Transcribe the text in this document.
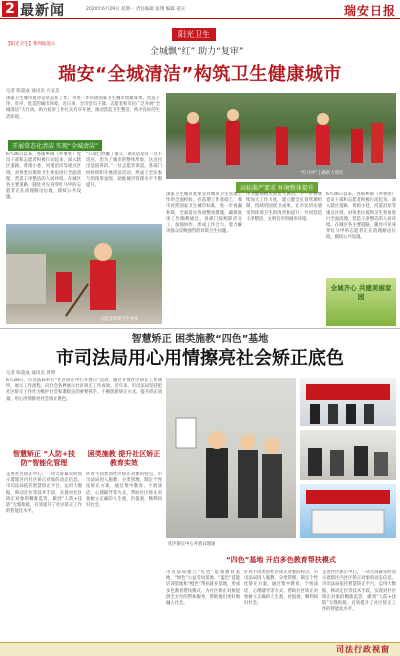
2 最新闻	2020年6月29日 星期一 责任编辑 张翔 编辑 姜实	瑞安日报
阳光卫生
【阳光卫生】系列报道①
全城飘“红” 助力“复审”
瑞安“全城清洁”构筑卫生健康城市
记者 陈超成 通讯员 方安忠
国家卫生城市复审是常态化工作，为进一步巩固国家卫生城市创建成果，营造干净、有序、优美的城市环境，近日来，全市党员干部、志愿者和市民广泛开展“全城清洁”大行动，助力复审工作扎实有序开展，推动营造卫生整洁、秩序良好的生活环境。
“红马甲”上路助力清洁
开展常态化清洁 实现“全城清洁”
6月26日以来，各街乡镇（办事处）党员干部和志愿者积极行动起来，深入辖区道路、背街小巷、河道沿岸等重点区域，对各类垃圾和卫生死角进行全面清理，营造干净整洁的人居环境。在城区各主要道路，随处可见身穿红马甲的志愿者正在清理路边垃圾，擦拭公共设施。
“口罩已经戴了很久，说实话是有一点不适应，但为了城市的整体形象，这点付出是值得的。”一位志愿者说道。各部门纷纷组织开展清洁活动，形成了全民参与的浓厚氛围，助推城市管理水平不断提升。	高标准严要求 环境整体提升
国家卫生城市复审是对城市卫生管理工作的全面检验。在前期工作基础上，我市对照国家卫生城市标准，进一步查漏补缺，全面落实各项整改措施，确保复审工作顺利通过。各部门按照职责分工，加强协作，形成工作合力，着力解决群众反映强烈的环境卫生问题。
市卫健局相关负责人表示，下一步将继续加大工作力度，建立健全长效管理机制，持续巩固创卫成果，让市民切实感受到环境卫生的改善和提升，共同营造干净整洁、文明有序的城市环境。
6月26日以来，各街乡镇（办事处）党员干部和志愿者积极行动起来，深入辖区道路、背街小巷、河道沿岸等重点区域，对各类垃圾和卫生死角进行全面清理，营造干净整洁的人居环境。在城区各主要道路，随处可见身穿红马甲的志愿者正在清理路边垃圾，擦拭公共设施。
志愿者清理卫生死角
全城齐心 共建美丽家园
智慧矫正 困类施教“四色”基地
市司法局用心用情擦亮社会矫正底色
记者 陈超成 通讯员 黄博
6月28日，市司法局举行“社区矫正中心开放日”活动，通过开放社区矫正工作场所、展示工作流程，向社会各界展示社区矫正工作成效。近年来，市司法局坚持把社区矫正工作作为维护社会和谐稳定的重要抓手，不断创新矫正方式，提升矫正质量，用心用情擦亮社会矫正底色。
智慧矫正 “人防+技防”智能化管理
困类施教 提升社区矫正教育实效
走进社区矫正中心，一块大屏幕实时显示着辖区内社区矫正对象的动态信息。市司法局依托智慧矫正平台，运用大数据、移动定位等技术手段，实现对社区矫正对象的精准监管，做到“人防+技防”无缝衔接，有效提升了社区矫正工作的智能化水平。
针对不同类别社区矫正对象的特点，市司法局因人施教、分类管理，制定个性化矫正方案，通过集中教育、个别谈话、心理辅导等方式，帮助社区矫正对象树立正确的人生观、价值观，顺利回归社会。
社区矫正中心开放日现场
“四色”基地 开启多色教育帮扶模式
市司法局建立“红色”思想教育基地、“绿色”公益劳动基地、“蓝色”技能培训基地和“橙色”帮扶就业基地，形成多色教育帮扶模式，为社区矫正对象提供全方位的帮扶服务，帮助他们更好地融入社会。
针对不同类别社区矫正对象的特点，市司法局因人施教、分类管理，制定个性化矫正方案，通过集中教育、个别谈话、心理辅导等方式，帮助社区矫正对象树立正确的人生观、价值观，顺利回归社会。
走进社区矫正中心，一块大屏幕实时显示着辖区内社区矫正对象的动态信息。市司法局依托智慧矫正平台，运用大数据、移动定位等技术手段，实现对社区矫正对象的精准监管，做到“人防+技防”无缝衔接，有效提升了社区矫正工作的智能化水平。
司法行政视窗
